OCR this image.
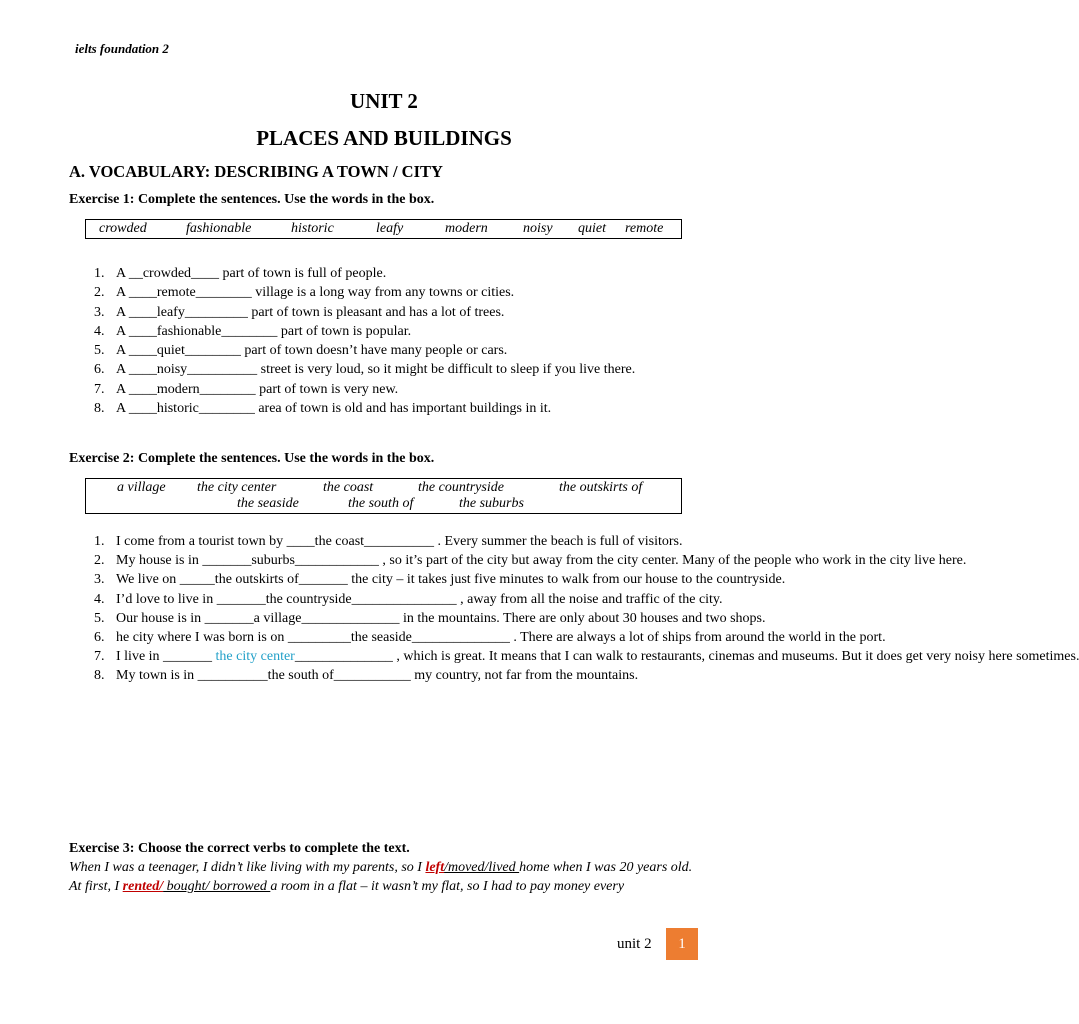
ielts foundation 2
UNIT 2
PLACES AND BUILDINGS
A. VOCABULARY: DESCRIBING A TOWN / CITY
Exercise 1: Complete the sentences. Use the words in the box.
crowded	fashionable	historic	leafy	modern	noisy quiet remote
1. A __crowded____ part of town is full of people.
2. A ____remote________ village is a long way from any towns or cities.
3. A ____leafy_________ part of town is pleasant and has a lot of trees.
4. A ____fashionable________ part of town is popular.
5. A ____quiet________ part of town doesn’t have many people or cars.
6. A ____noisy__________ street is very loud, so it might be difficult to sleep if you live there.
7. A ____modern________ part of town is very new.
8. A ____historic________ area of town is old and has important buildings in it.
Exercise 2: Complete the sentences. Use the words in the box.
a village the city center	the coast	the countryside	the outskirts of
the seaside	the south of	the suburbs
1. I come from a tourist town by ____the coast__________ . Every summer the beach is full of visitors.
2. My house is in _______suburbs____________ , so it’s part of the city but away from the city center. Many of the people who work in the city live here.
3. We live on _____the outskirts of_______ the city – it takes just five minutes to walk from our house to the countryside.
4. I’d love to live in _______the countryside_______________ , away from all the noise and traffic of the city.
5. Our house is in _______a village______________ in the mountains. There are only about 30 houses and two shops.
6. he city where I was born is on _________the seaside______________ . There are always a lot of ships from around the world in the port.
7. I live in _______ the city center______________ , which is great. It means that I can walk to restaurants, cinemas and museums. But it does get very noisy here sometimes.
8. My town is in __________the south of___________ my country, not far from the mountains.
Exercise 3: Choose the correct verbs to complete the text.

When I was a teenager, I didn’t like living with my parents, so I left/moved/lived home when I was 20 years old.

At first, I rented/ bought/ borrowed a room in a flat – it wasn’t my flat, so I had to pay money every

unit 2	1
